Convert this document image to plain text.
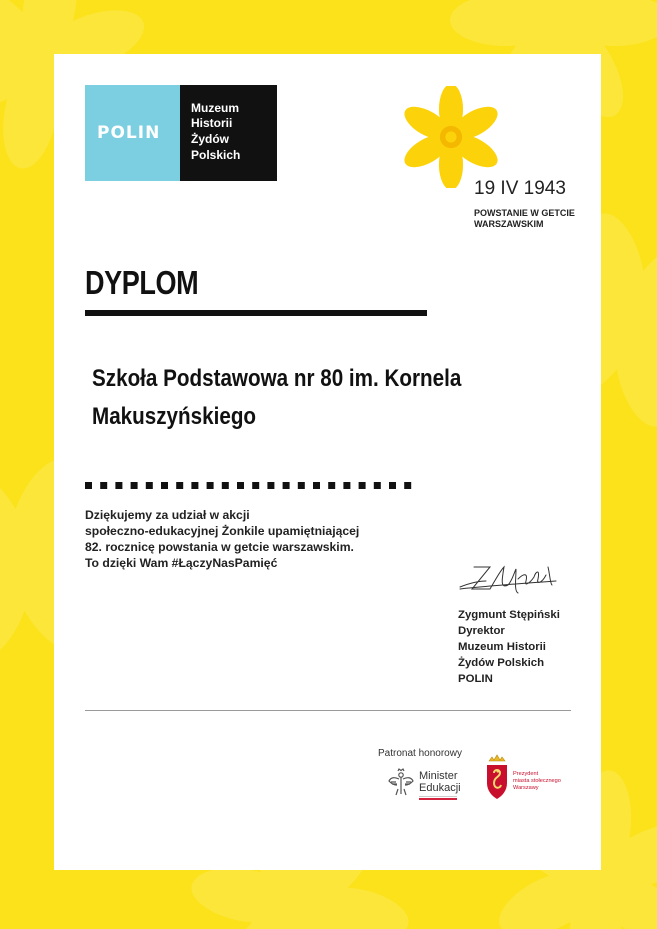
POLIN
Muzeum
Historii
Żydów
Polskich
19 IV 1943
POWSTANIE W GETCIE
WARSZAWSKIM
DYPLOM
Szkoła Podstawowa nr 80 im. Kornela Makuszyńskiego
Dziękujemy za udział w akcji
społeczno-edukacyjnej Żonkile upamiętniającej
82. rocznicę powstania w getcie warszawskim.
To dzięki Wam #ŁączyNasPamięć
Zygmunt Stępiński
Dyrektor
Muzeum Historii
Żydów Polskich
POLIN
Patronat honorowy
Minister
Edukacji
Prezydent
miasta stołecznego
Warszawy
